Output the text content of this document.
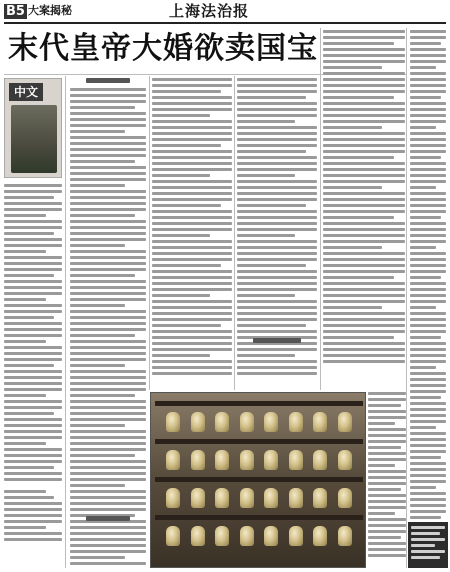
B5 大案揭秘	上海法治报
末代皇帝大婚欲卖国宝
中文
